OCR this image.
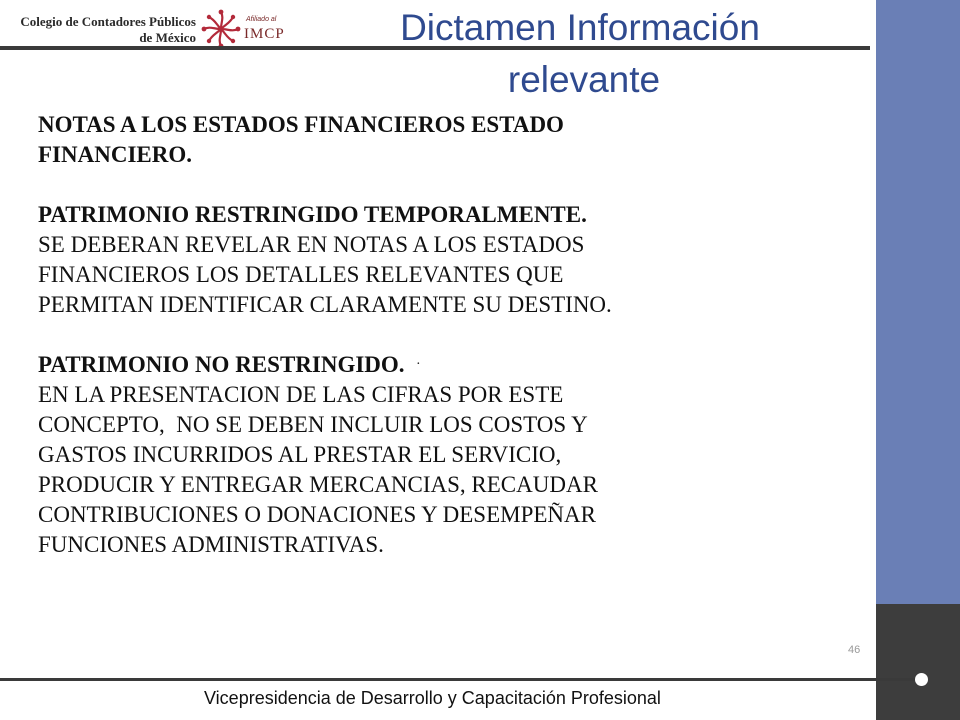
Colegio de Contadores Públicos
de México
Afiliado al
IMCP	Dictamen Información
relevante

NOTAS A LOS ESTADOS FINANCIEROS ESTADO

FINANCIERO.

PATRIMONIO RESTRINGIDO TEMPORALMENTE.

SE DEBERAN REVELAR EN NOTAS A LOS ESTADOS

FINANCIEROS LOS DETALLES RELEVANTES QUE

PERMITAN IDENTIFICAR CLARAMENTE SU DESTINO.

PATRIMONIO NO RESTRINGIDO. ·

EN LA PRESENTACION DE LAS CIFRAS POR ESTE

CONCEPTO,  NO SE DEBEN INCLUIR LOS COSTOS Y

GASTOS INCURRIDOS AL PRESTAR EL SERVICIO,

PRODUCIR Y ENTREGAR MERCANCIAS, RECAUDAR

CONTRIBUCIONES O DONACIONES Y DESEMPEÑAR

FUNCIONES ADMINISTRATIVAS.

46
Vicepresidencia de Desarrollo y Capacitación Profesional
